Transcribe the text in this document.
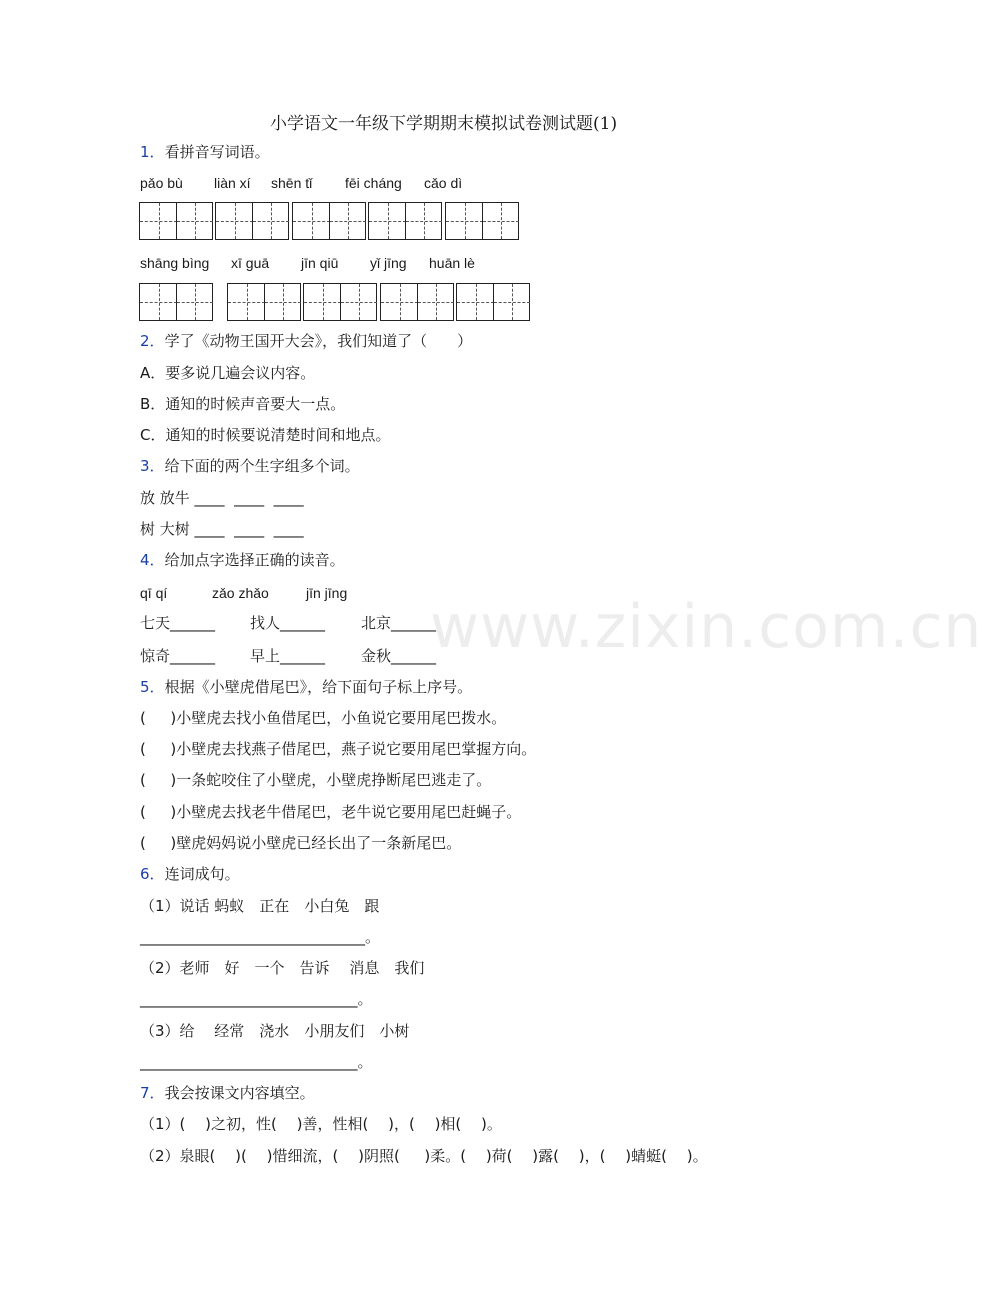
www.zixin.com.cn
小学语文一年级下学期期末模拟试卷测试题(1)
1．看拼音写词语。
pǎo bù liàn xí shēn tǐ fēi cháng cǎo dì
shāng bìng xī guā jīn qiū yǐ jīng huān lè
2．学了《动物王国开大会》，我们知道了（　　）
A．要多说几遍会议内容。
B．通知的时候声音要大一点。
C．通知的时候要说清楚时间和地点。
3．给下面的两个生字组多个词。
放 放牛 ____  ____  ____
树 大树 ____  ____  ____
4．给加点字选择正确的读音。
qī qí	zǎo zhǎo	jīn jīng
七天______ 找人______ 北京______
惊奇______ 早上______ 金秋______
5．根据《小壁虎借尾巴》，给下面句子标上序号。
(　  )小壁虎去找小鱼借尾巴，小鱼说它要用尾巴拨水。
(　  )小壁虎去找燕子借尾巴，燕子说它要用尾巴掌握方向。
(　  )一条蛇咬住了小壁虎，小壁虎挣断尾巴逃走了。
(　  )小壁虎去找老牛借尾巴，老牛说它要用尾巴赶蝇子。
(　  )壁虎妈妈说小壁虎已经长出了一条新尾巴。
6．连词成句。
（1）说话 蚂蚁　正在　小白兔　跟
______________________________。
（2）老师　好　一个　告诉　 消息　我们
_____________________________。
（3）给　 经常　浇水　小朋友们　小树
_____________________________。
7．我会按课文内容填空。
（1）(　 )之初，性(　 )善，性相(　 )，(　 )相(　 )。
（2）泉眼(　 )(　 )惜细流，(　 )阴照(　  )柔。(　 )荷(　 )露(　 )，(　 )蜻蜓(　 )。
